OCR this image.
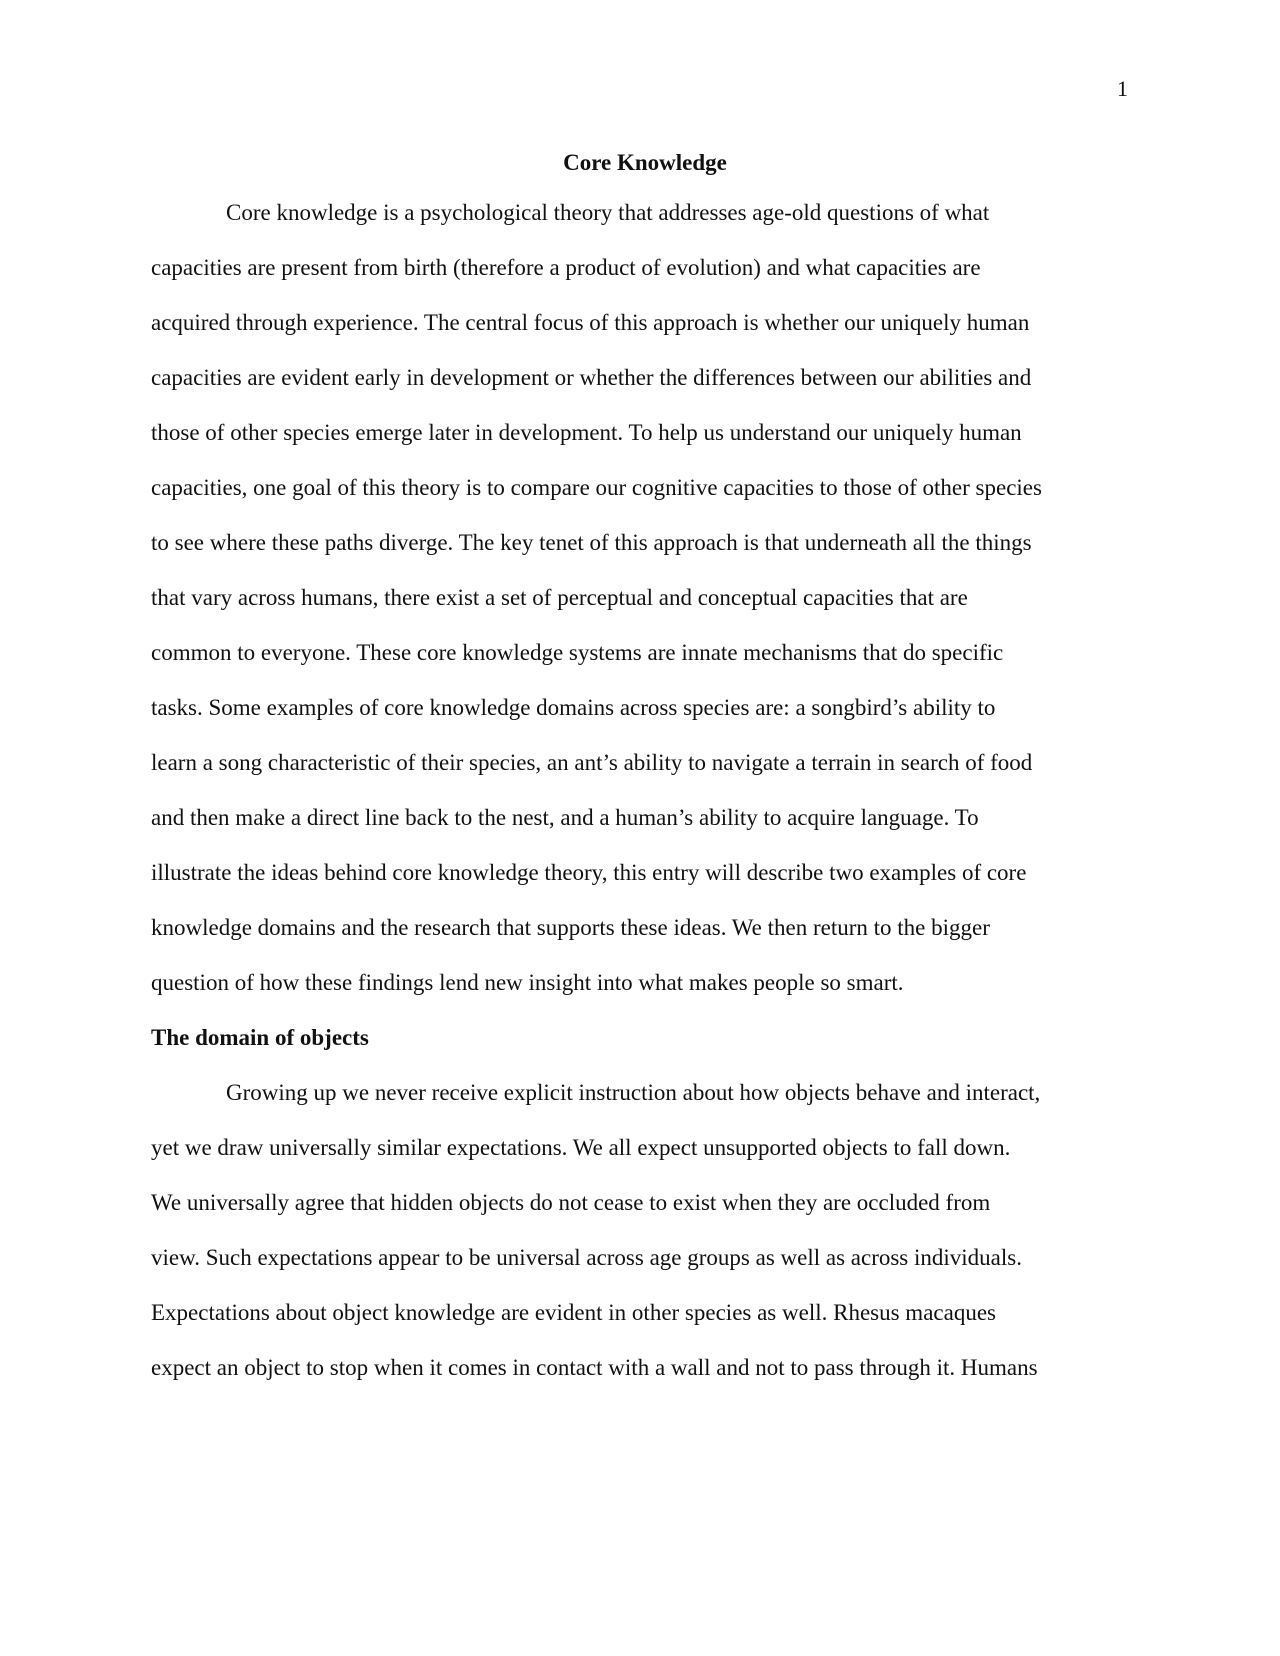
1
Core Knowledge
Core knowledge is a psychological theory that addresses age-old questions of what
capacities are present from birth (therefore a product of evolution) and what capacities are
acquired through experience. The central focus of this approach is whether our uniquely human
capacities are evident early in development or whether the differences between our abilities and
those of other species emerge later in development. To help us understand our uniquely human
capacities, one goal of this theory is to compare our cognitive capacities to those of other species
to see where these paths diverge. The key tenet of this approach is that underneath all the things
that vary across humans, there exist a set of perceptual and conceptual capacities that are
common to everyone. These core knowledge systems are innate mechanisms that do specific
tasks. Some examples of core knowledge domains across species are: a songbird’s ability to
learn a song characteristic of their species, an ant’s ability to navigate a terrain in search of food
and then make a direct line back to the nest, and a human’s ability to acquire language. To
illustrate the ideas behind core knowledge theory, this entry will describe two examples of core
knowledge domains and the research that supports these ideas. We then return to the bigger
question of how these findings lend new insight into what makes people so smart.
The domain of objects
Growing up we never receive explicit instruction about how objects behave and interact,
yet we draw universally similar expectations. We all expect unsupported objects to fall down.
We universally agree that hidden objects do not cease to exist when they are occluded from
view. Such expectations appear to be universal across age groups as well as across individuals.
Expectations about object knowledge are evident in other species as well. Rhesus macaques
expect an object to stop when it comes in contact with a wall and not to pass through it. Humans
